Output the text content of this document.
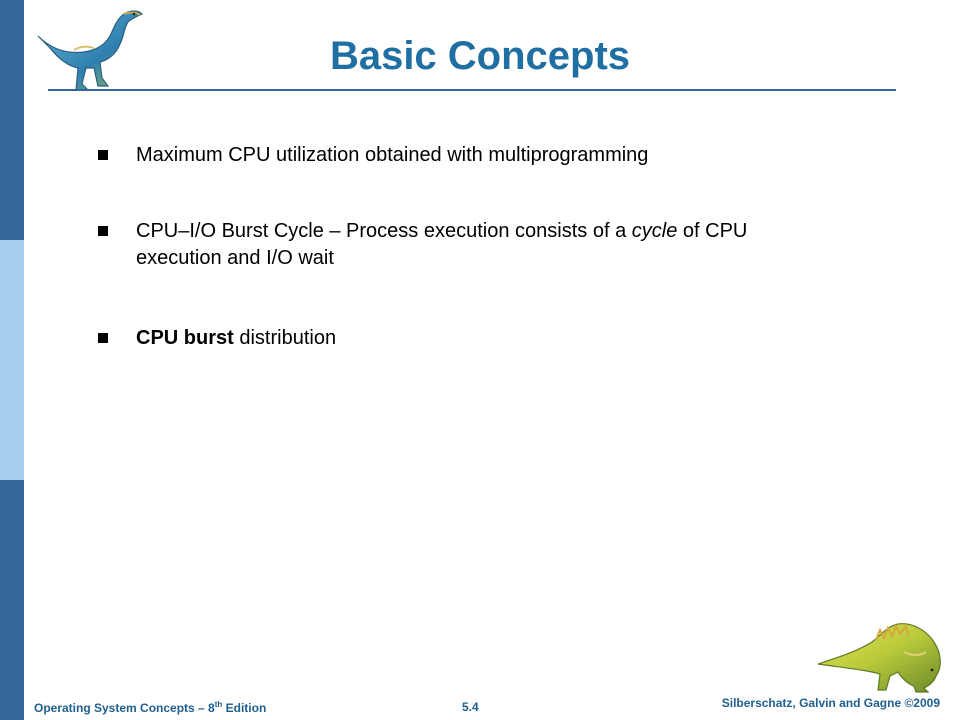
Basic Concepts
Maximum CPU utilization obtained with multiprogramming
CPU–I/O Burst Cycle – Process execution consists of a cycle of CPU execution and I/O wait
CPU burst distribution
Operating System Concepts – 8th Edition	5.4	Silberschatz, Galvin and Gagne ©2009
